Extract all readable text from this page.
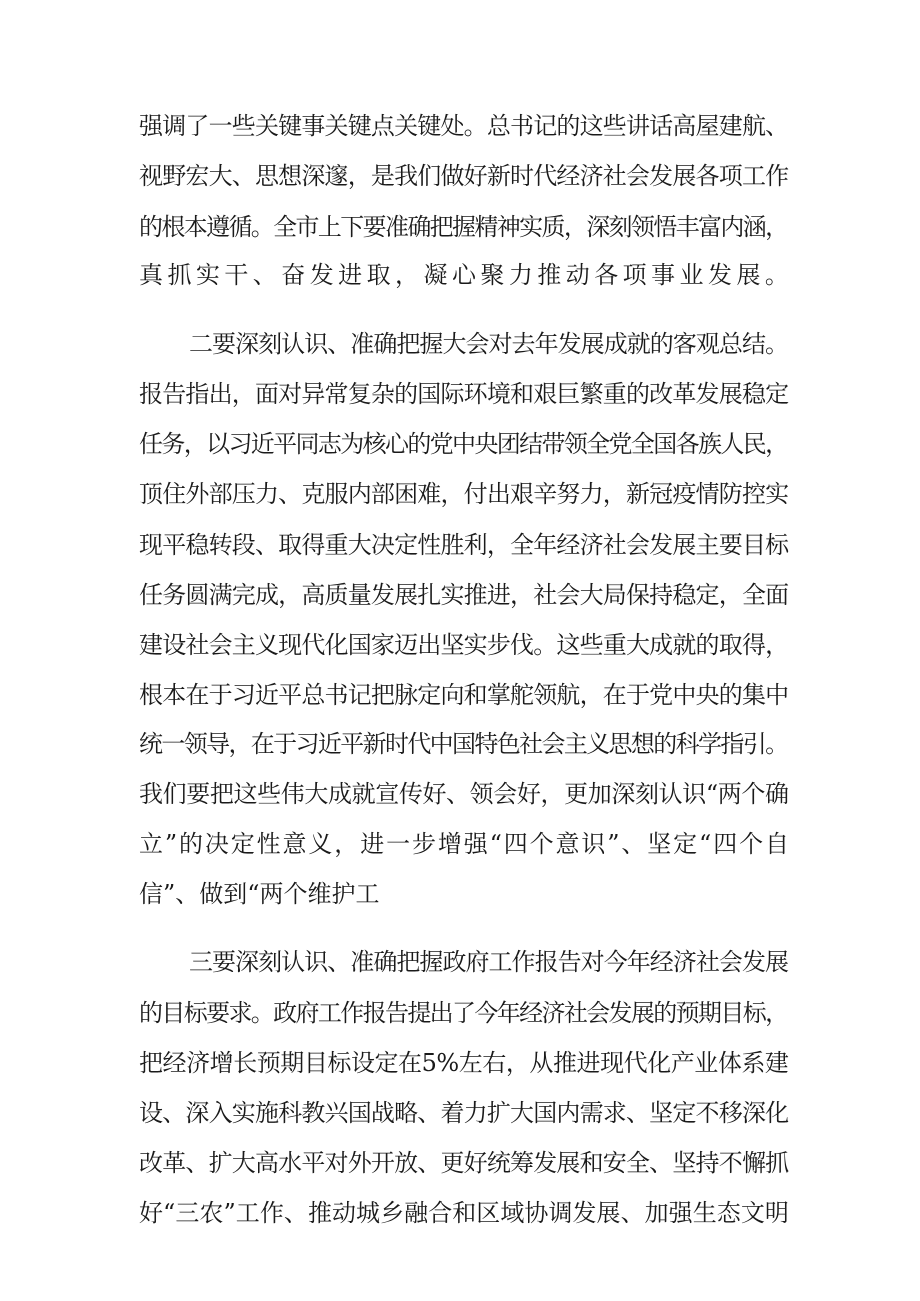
强调了一些关键事关键点关键处。总书记的这些讲话高屋建航、
视野宏大、思想深邃，是我们做好新时代经济社会发展各项工作
的根本遵循。全市上下要准确把握精神实质，深刻领悟丰富内涵，
真抓实干、奋发进取，凝心聚力推动各项事业发展。
二要深刻认识、准确把握大会对去年发展成就的客观总结。
报告指出，面对异常复杂的国际环境和艰巨繁重的改革发展稳定
任务，以习近平同志为核心的党中央团结带领全党全国各族人民，
顶住外部压力、克服内部困难，付出艰辛努力，新冠疫情防控实
现平稳转段、取得重大决定性胜利，全年经济社会发展主要目标
任务圆满完成，高质量发展扎实推进，社会大局保持稳定，全面
建设社会主义现代化国家迈出坚实步伐。这些重大成就的取得，
根本在于习近平总书记把脉定向和掌舵领航，在于党中央的集中
统一领导，在于习近平新时代中国特色社会主义思想的科学指引。
我们要把这些伟大成就宣传好、领会好，更加深刻认识“两个确
立”的决定性意义，进一步增强“四个意识”、坚定“四个自
信”、做到“两个维护工
三要深刻认识、准确把握政府工作报告对今年经济社会发展
的目标要求。政府工作报告提出了今年经济社会发展的预期目标，
把经济增长预期目标设定在5%左右，从推进现代化产业体系建
设、深入实施科教兴国战略、着力扩大国内需求、坚定不移深化
改革、扩大高水平对外开放、更好统筹发展和安全、坚持不懈抓
好“三农”工作、推动城乡融合和区域协调发展、加强生态文明
